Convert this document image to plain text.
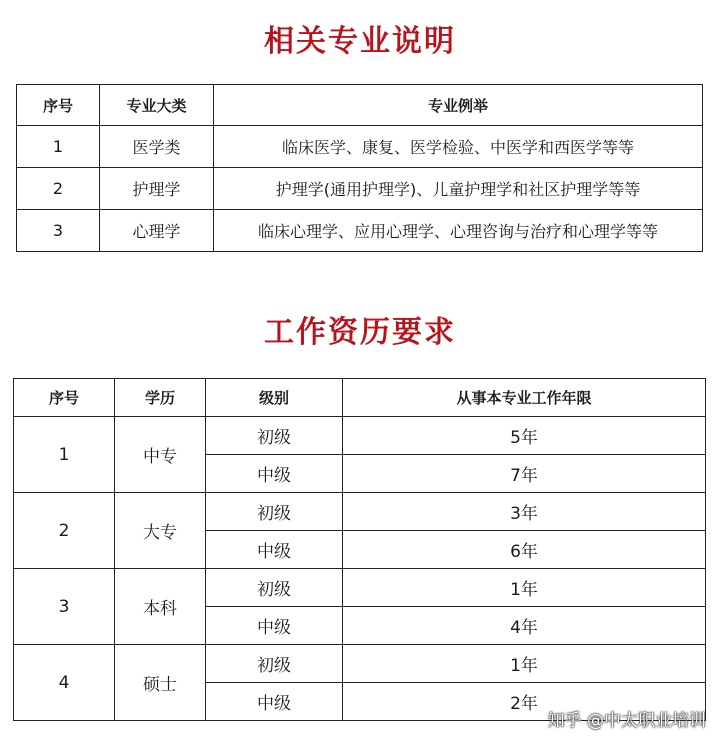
相关专业说明
序号	专业大类	专业例举
1	医学类	临床医学、康复、医学检验、中医学和西医学等等
2	护理学	护理学(通用护理学)、儿童护理学和社区护理学等等
3	心理学	临床心理学、应用心理学、心理咨询与治疗和心理学等等
工作资历要求
序号	学历	级别	从事本专业工作年限
1	中专	初级	5年
		中级	7年
2	大专	初级	3年
		中级	6年
3	本科	初级	1年
		中级	4年
4	硕士	初级	1年
		中级	2年
知乎 @中太职业培训
